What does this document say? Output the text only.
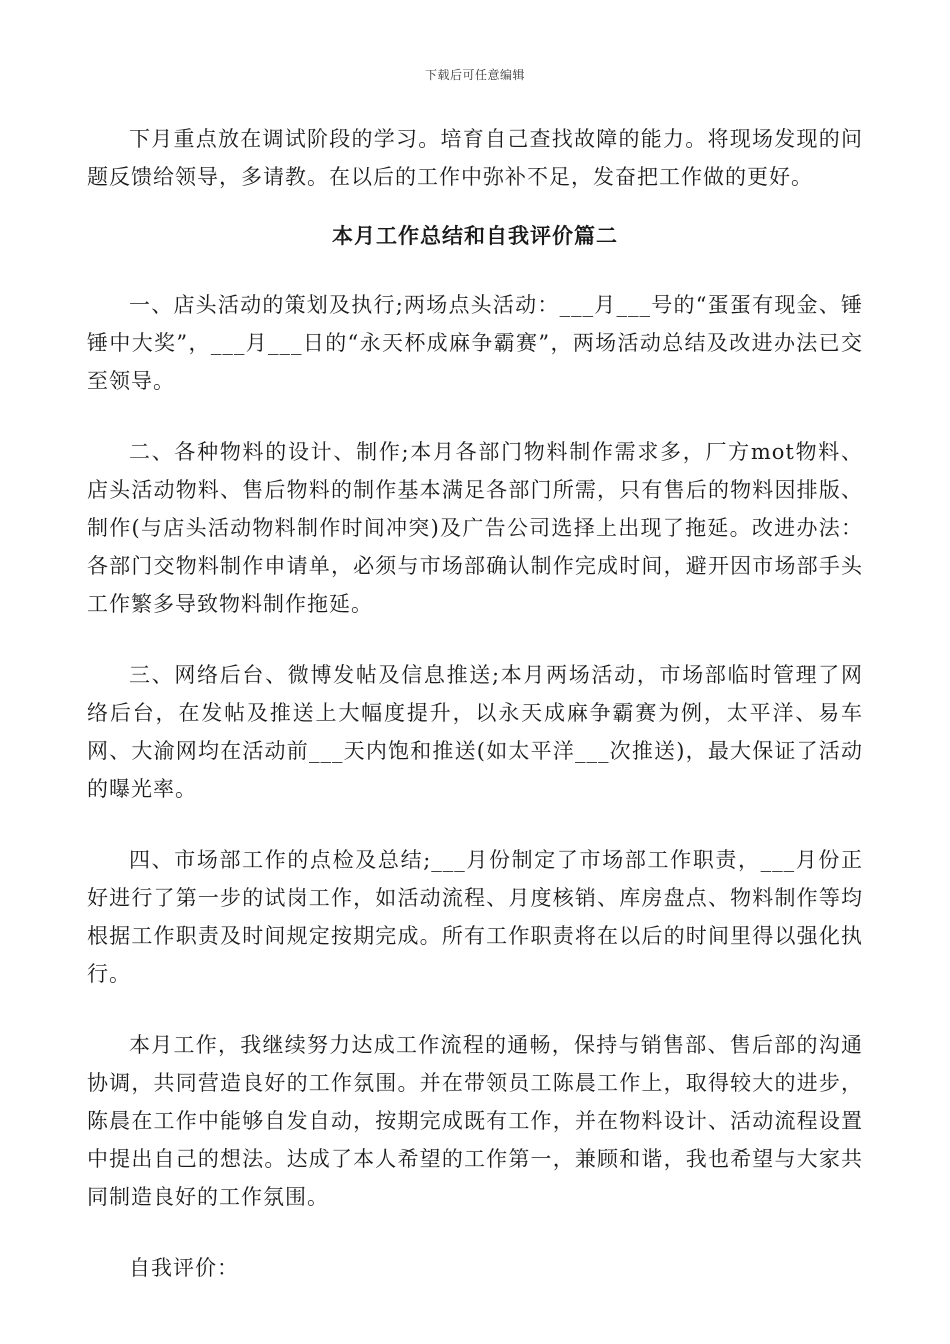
下载后可任意编辑

下月重点放在调试阶段的学习。培育自己查找故障的能力。将现场发现的问题反馈给领导，多请教。在以后的工作中弥补不足，发奋把工作做的更好。

本月工作总结和自我评价篇二

一、店头活动的策划及执行;两场点头活动：___月___号的“蛋蛋有现金、锤锤中大奖”，___月___日的“永天杯成麻争霸赛”，两场活动总结及改进办法已交至领导。

二、各种物料的设计、制作;本月各部门物料制作需求多，厂方mot物料、店头活动物料、售后物料的制作基本满足各部门所需，只有售后的物料因排版、制作(与店头活动物料制作时间冲突)及广告公司选择上出现了拖延。改进办法：各部门交物料制作申请单，必须与市场部确认制作完成时间，避开因市场部手头工作繁多导致物料制作拖延。

三、网络后台、微博发帖及信息推送;本月两场活动，市场部临时管理了网络后台，在发帖及推送上大幅度提升，以永天成麻争霸赛为例，太平洋、易车网、大渝网均在活动前___天内饱和推送(如太平洋___次推送)，最大保证了活动的曝光率。

四、市场部工作的点检及总结;___月份制定了市场部工作职责，___月份正好进行了第一步的试岗工作，如活动流程、月度核销、库房盘点、物料制作等均根据工作职责及时间规定按期完成。所有工作职责将在以后的时间里得以强化执行。

本月工作，我继续努力达成工作流程的通畅，保持与销售部、售后部的沟通协调，共同营造良好的工作氛围。并在带领员工陈晨工作上，取得较大的进步，陈晨在工作中能够自发自动，按期完成既有工作，并在物料设计、活动流程设置中提出自己的想法。达成了本人希望的工作第一，兼顾和谐，我也希望与大家共同制造良好的工作氛围。

自我评价：
